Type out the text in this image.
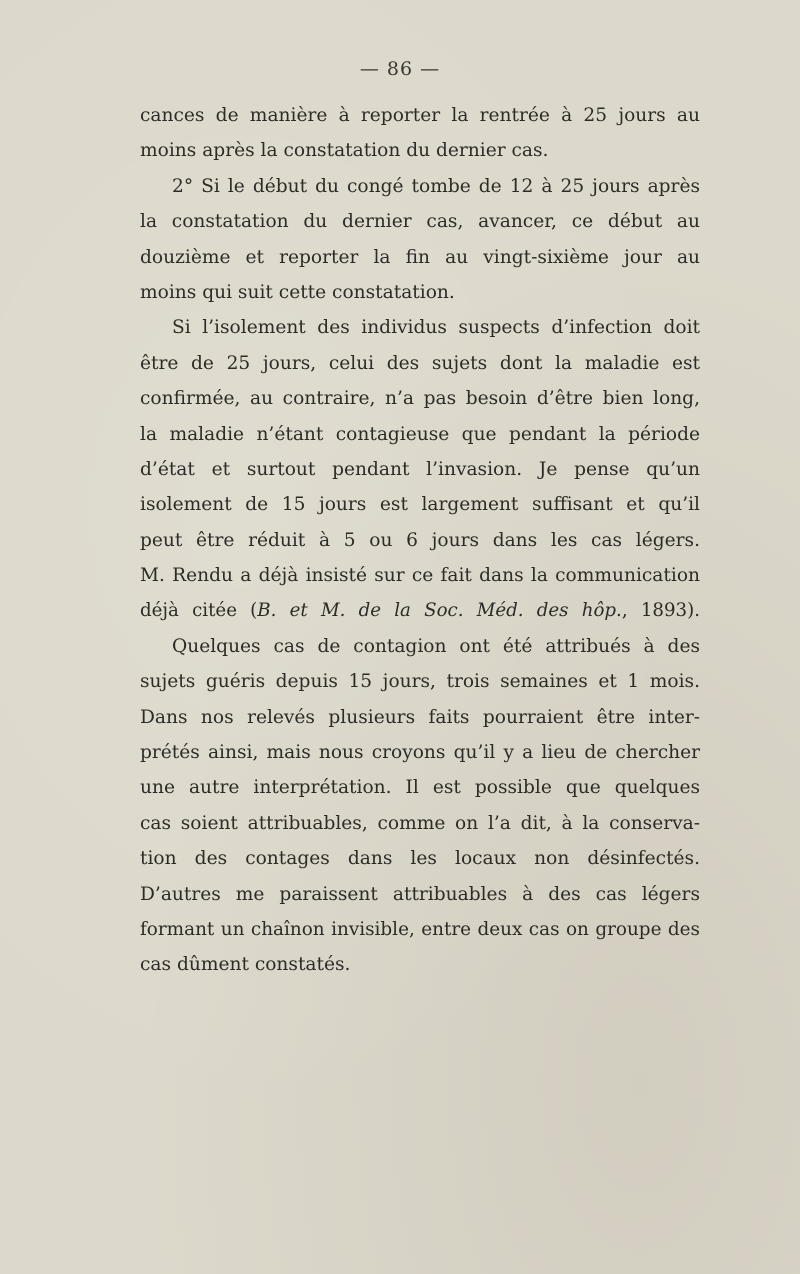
— 86 —
cances de manière à reporter la rentrée à 25 jours au
moins après la constatation du dernier cas.
2° Si le début du congé tombe de 12 à 25 jours après
la constatation du dernier cas, avancer, ce début au
douzième et reporter la fin au vingt-sixième jour au
moins qui suit cette constatation.
Si l’isolement des individus suspects d’infection doit
être de 25 jours, celui des sujets dont la maladie est
confirmée, au contraire, n’a pas besoin d’être bien long,
la maladie n’étant contagieuse que pendant la période
d’état et surtout pendant l’invasion. Je pense qu’un
isolement de 15 jours est largement suffisant et qu’il
peut être réduit à 5 ou 6 jours dans les cas légers.
M. Rendu a déjà insisté sur ce fait dans la communication
déjà citée (B. et M. de la Soc. Méd. des hôp., 1893).
Quelques cas de contagion ont été attribués à des
sujets guéris depuis 15 jours, trois semaines et 1 mois.
Dans nos relevés plusieurs faits pourraient être inter-
prétés ainsi, mais nous croyons qu’il y a lieu de chercher
une autre interprétation. Il est possible que quelques
cas soient attribuables, comme on l’a dit, à la conserva-
tion des contages dans les locaux non désinfectés.
D’autres me paraissent attribuables à des cas légers
formant un chaînon invisible, entre deux cas on groupe des
cas dûment constatés.
